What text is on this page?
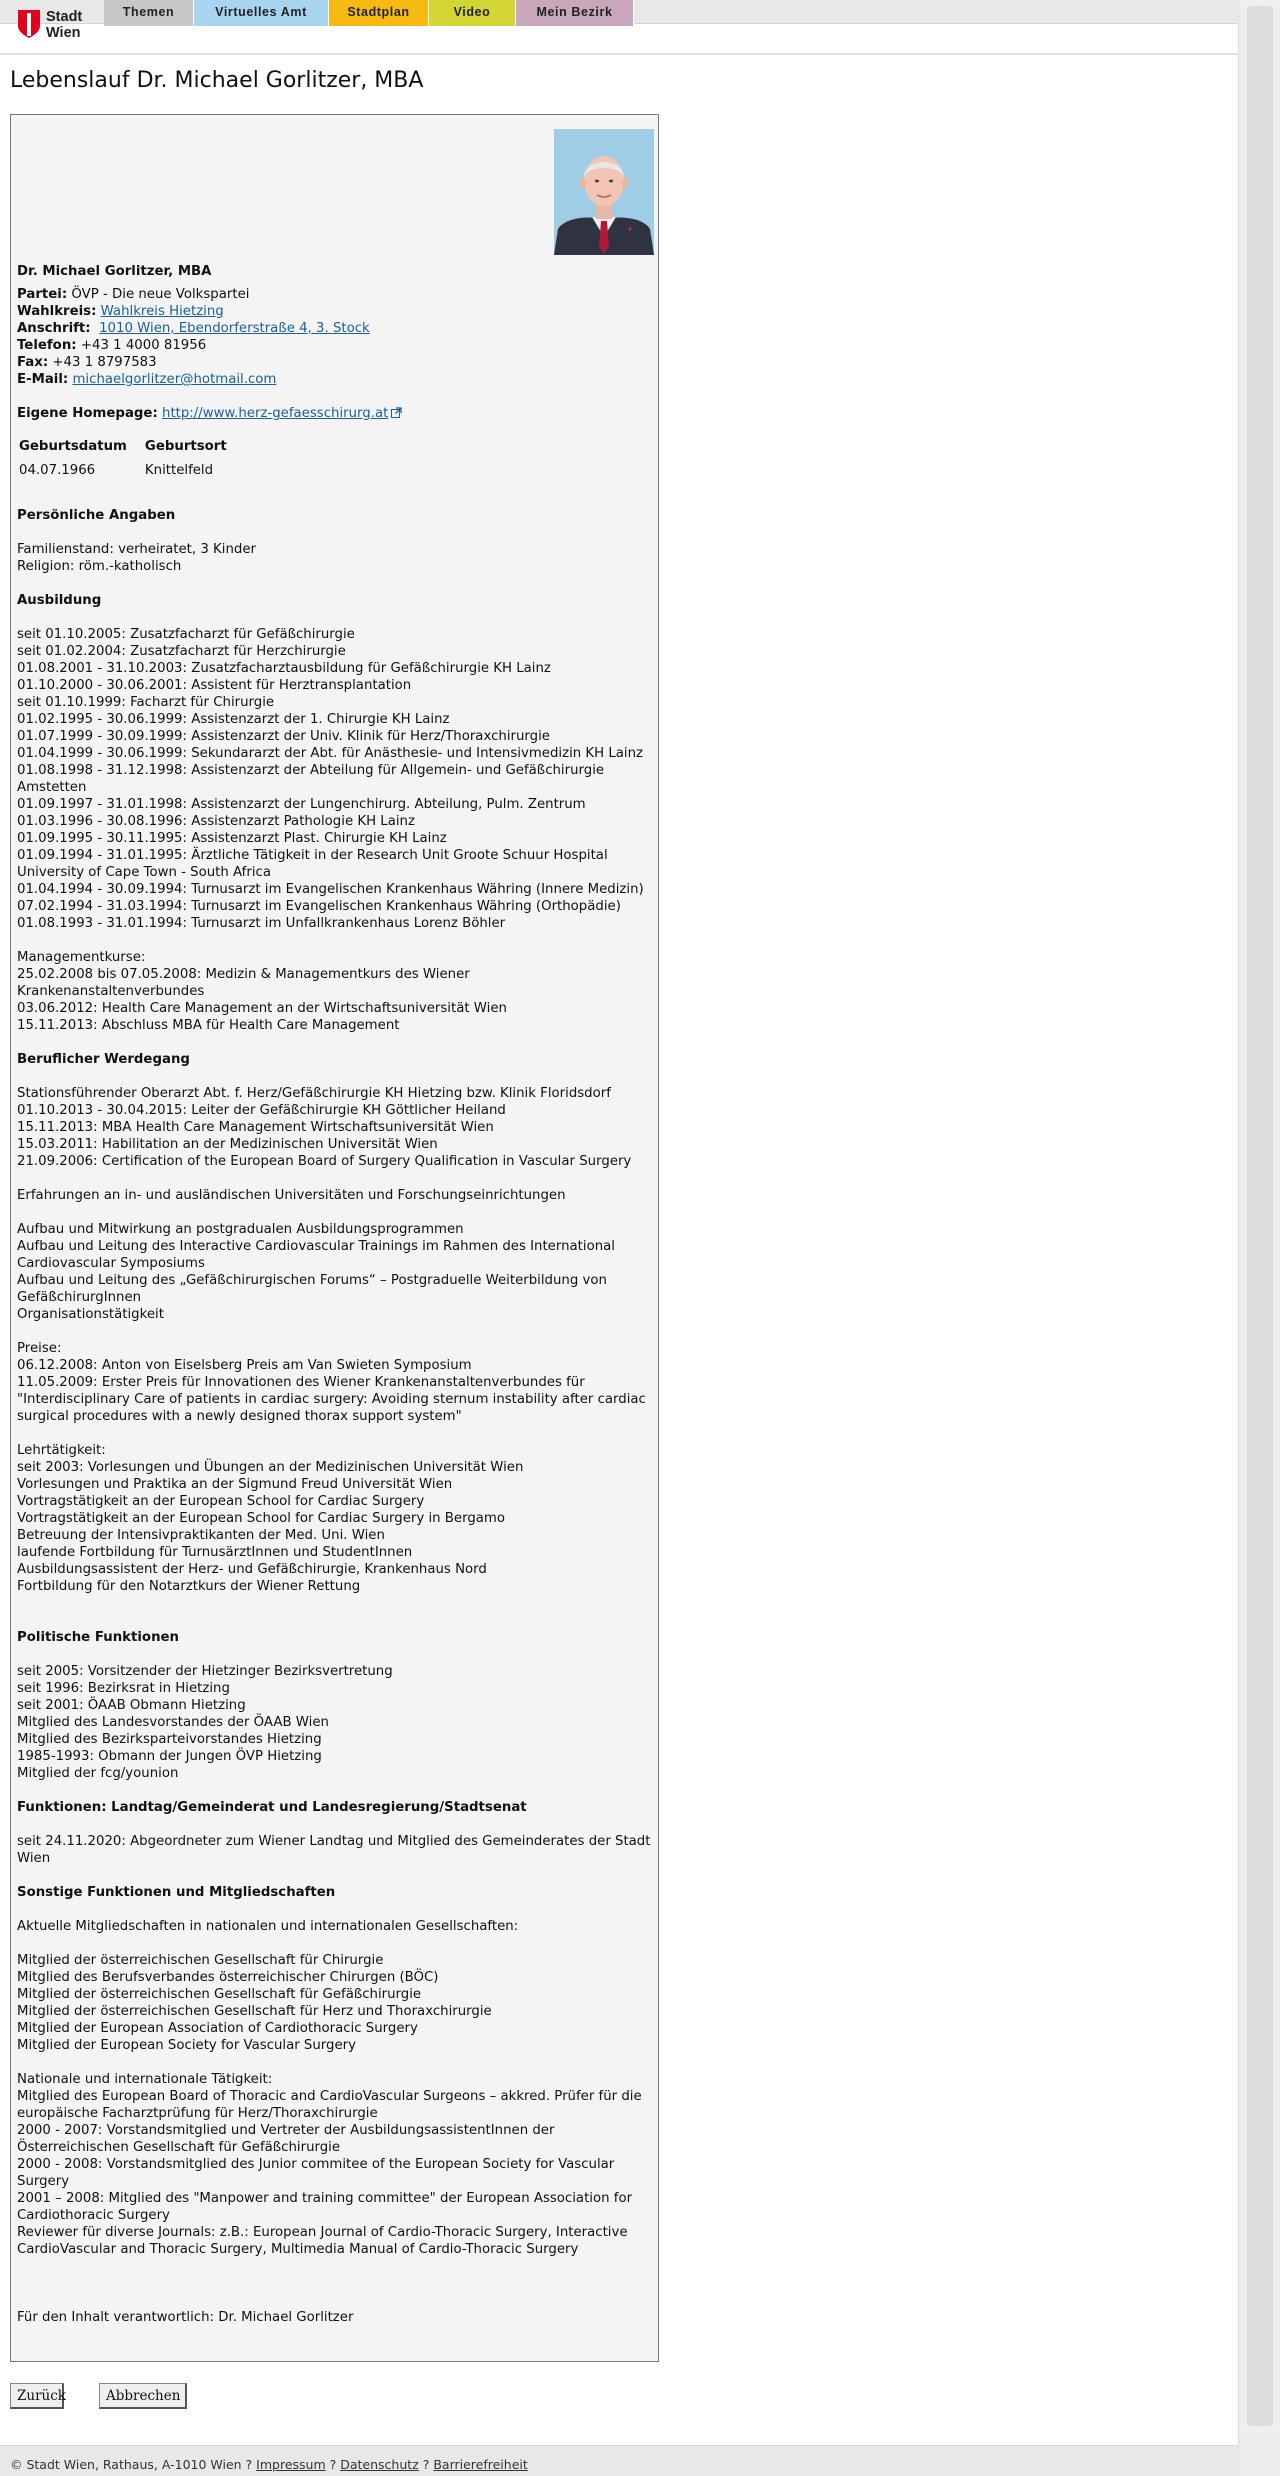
Stadt
Wien
Themen	Virtuelles Amt	Stadtplan	Video	Mein Bezirk
Lebenslauf Dr. Michael Gorlitzer, MBA
Dr. Michael Gorlitzer, MBA
Partei: ÖVP - Die neue Volkspartei
Wahlkreis: Wahlkreis Hietzing
Anschrift: 1010 Wien, Ebendorferstraße 4, 3. Stock
Telefon: +43 1 4000 81956
Fax: +43 1 8797583
E-Mail: michaelgorlitzer@hotmail.com
Eigene Homepage: http://www.herz-gefaesschirurg.at
Geburtsdatum	Geburtsort
04.07.1966	Knittelfeld
Persönliche Angaben
Familienstand: verheiratet, 3 Kinder
Religion: röm.-katholisch
Ausbildung
seit 01.10.2005: Zusatzfacharzt für Gefäßchirurgie
seit 01.02.2004: Zusatzfacharzt für Herzchirurgie
01.08.2001 - 31.10.2003: Zusatzfacharztausbildung für Gefäßchirurgie KH Lainz
01.10.2000 - 30.06.2001: Assistent für Herztransplantation
seit 01.10.1999: Facharzt für Chirurgie
01.02.1995 - 30.06.1999: Assistenzarzt der 1. Chirurgie KH Lainz
01.07.1999 - 30.09.1999: Assistenzarzt der Univ. Klinik für Herz/Thoraxchirurgie
01.04.1999 - 30.06.1999: Sekundararzt der Abt. für Anästhesie- und Intensivmedizin KH Lainz
01.08.1998 - 31.12.1998: Assistenzarzt der Abteilung für Allgemein- und Gefäßchirurgie Amstetten
01.09.1997 - 31.01.1998: Assistenzarzt der Lungenchirurg. Abteilung, Pulm. Zentrum
01.03.1996 - 30.08.1996: Assistenzarzt Pathologie KH Lainz
01.09.1995 - 30.11.1995: Assistenzarzt Plast. Chirurgie KH Lainz
01.09.1994 - 31.01.1995: Ärztliche Tätigkeit in der Research Unit Groote Schuur Hospital University of Cape Town - South Africa
01.04.1994 - 30.09.1994: Turnusarzt im Evangelischen Krankenhaus Währing (Innere Medizin)
07.02.1994 - 31.03.1994: Turnusarzt im Evangelischen Krankenhaus Währing (Orthopädie)
01.08.1993 - 31.01.1994: Turnusarzt im Unfallkrankenhaus Lorenz Böhler
Managementkurse:
25.02.2008 bis 07.05.2008: Medizin & Managementkurs des Wiener Krankenanstaltenverbundes
03.06.2012: Health Care Management an der Wirtschaftsuniversität Wien
15.11.2013: Abschluss MBA für Health Care Management
Beruflicher Werdegang
Stationsführender Oberarzt Abt. f. Herz/Gefäßchirurgie KH Hietzing bzw. Klinik Floridsdorf
01.10.2013 - 30.04.2015: Leiter der Gefäßchirurgie KH Göttlicher Heiland
15.11.2013: MBA Health Care Management Wirtschaftsuniversität Wien
15.03.2011: Habilitation an der Medizinischen Universität Wien
21.09.2006: Certification of the European Board of Surgery Qualification in Vascular Surgery
Erfahrungen an in- und ausländischen Universitäten und Forschungseinrichtungen
Aufbau und Mitwirkung an postgradualen Ausbildungsprogrammen
Aufbau und Leitung des Interactive Cardiovascular Trainings im Rahmen des International Cardiovascular Symposiums
Aufbau und Leitung des „Gefäßchirurgischen Forums“ – Postgraduelle Weiterbildung von GefäßchirurgInnen
Organisationstätigkeit
Preise:
06.12.2008: Anton von Eiselsberg Preis am Van Swieten Symposium
11.05.2009: Erster Preis für Innovationen des Wiener Krankenanstaltenverbundes für "Interdisciplinary Care of patients in cardiac surgery: Avoiding sternum instability after cardiac surgical procedures with a newly designed thorax support system"
Lehrtätigkeit:
seit 2003: Vorlesungen und Übungen an der Medizinischen Universität Wien
Vorlesungen und Praktika an der Sigmund Freud Universität Wien
Vortragstätigkeit an der European School for Cardiac Surgery
Vortragstätigkeit an der European School for Cardiac Surgery in Bergamo
Betreuung der Intensivpraktikanten der Med. Uni. Wien
laufende Fortbildung für TurnusärztInnen und StudentInnen
Ausbildungsassistent der Herz- und Gefäßchirurgie, Krankenhaus Nord
Fortbildung für den Notarztkurs der Wiener Rettung
Politische Funktionen
seit 2005: Vorsitzender der Hietzinger Bezirksvertretung
seit 1996: Bezirksrat in Hietzing
seit 2001: ÖAAB Obmann Hietzing
Mitglied des Landesvorstandes der ÖAAB Wien
Mitglied des Bezirksparteivorstandes Hietzing
1985-1993: Obmann der Jungen ÖVP Hietzing
Mitglied der fcg/younion
Funktionen: Landtag/Gemeinderat und Landesregierung/Stadtsenat
seit 24.11.2020: Abgeordneter zum Wiener Landtag und Mitglied des Gemeinderates der Stadt Wien
Sonstige Funktionen und Mitgliedschaften
Aktuelle Mitgliedschaften in nationalen und internationalen Gesellschaften:
Mitglied der österreichischen Gesellschaft für Chirurgie
Mitglied des Berufsverbandes österreichischer Chirurgen (BÖC)
Mitglied der österreichischen Gesellschaft für Gefäßchirurgie
Mitglied der österreichischen Gesellschaft für Herz und Thoraxchirurgie
Mitglied der European Association of Cardiothoracic Surgery
Mitglied der European Society for Vascular Surgery
Nationale und internationale Tätigkeit:
Mitglied des European Board of Thoracic and CardioVascular Surgeons – akkred. Prüfer für die europäische Facharztprüfung für Herz/Thoraxchirurgie
2000 - 2007: Vorstandsmitglied und Vertreter der AusbildungsassistentInnen der Österreichischen Gesellschaft für Gefäßchirurgie
2000 - 2008: Vorstandsmitglied des Junior commitee of the European Society for Vascular Surgery
2001 – 2008: Mitglied des "Manpower and training committee" der European Association for Cardiothoracic Surgery
Reviewer für diverse Journals: z.B.: European Journal of Cardio-Thoracic Surgery, Interactive CardioVascular and Thoracic Surgery, Multimedia Manual of Cardio-Thoracic Surgery
Für den Inhalt verantwortlich: Dr. Michael Gorlitzer
Zurück	Abbrechen
© Stadt Wien, Rathaus, A-1010 Wien ? Impressum ? Datenschutz ? Barrierefreiheit
